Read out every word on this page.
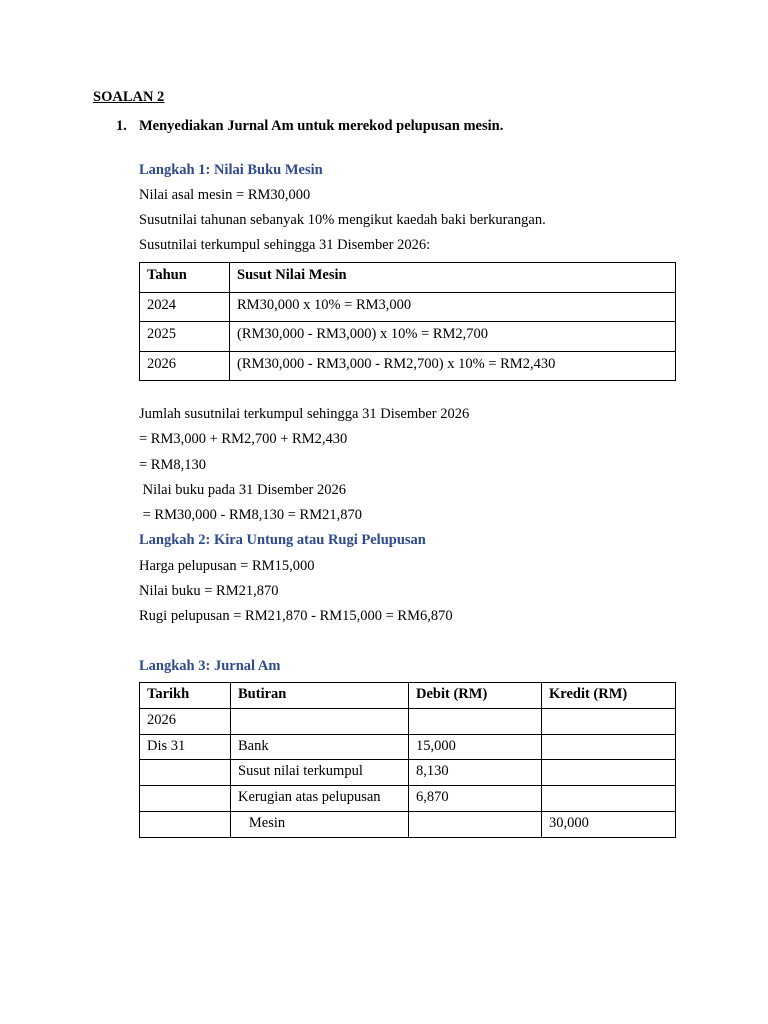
SOALAN 2
1. Menyediakan Jurnal Am untuk merekod pelupusan mesin.
Langkah 1: Nilai Buku Mesin
Nilai asal mesin = RM30,000
Susutnilai tahunan sebanyak 10% mengikut kaedah baki berkurangan.
Susutnilai terkumpul sehingga 31 Disember 2026:
Tahun	Susut Nilai Mesin
2024	RM30,000 x 10% = RM3,000
2025	(RM30,000 - RM3,000) x 10% = RM2,700
2026	(RM30,000 - RM3,000 - RM2,700) x 10% = RM2,430
Jumlah susutnilai terkumpul sehingga 31 Disember 2026
= RM3,000 + RM2,700 + RM2,430
= RM8,130
Nilai buku pada 31 Disember 2026
= RM30,000 - RM8,130 = RM21,870
Langkah 2: Kira Untung atau Rugi Pelupusan
Harga pelupusan = RM15,000
Nilai buku = RM21,870
Rugi pelupusan = RM21,870 - RM15,000 = RM6,870
Langkah 3: Jurnal Am
Tarikh	Butiran	Debit (RM)	Kredit (RM)
2026			
Dis 31	Bank	15,000	
	Susut nilai terkumpul	8,130	
	Kerugian atas pelupusan	6,870	
	Mesin		30,000
